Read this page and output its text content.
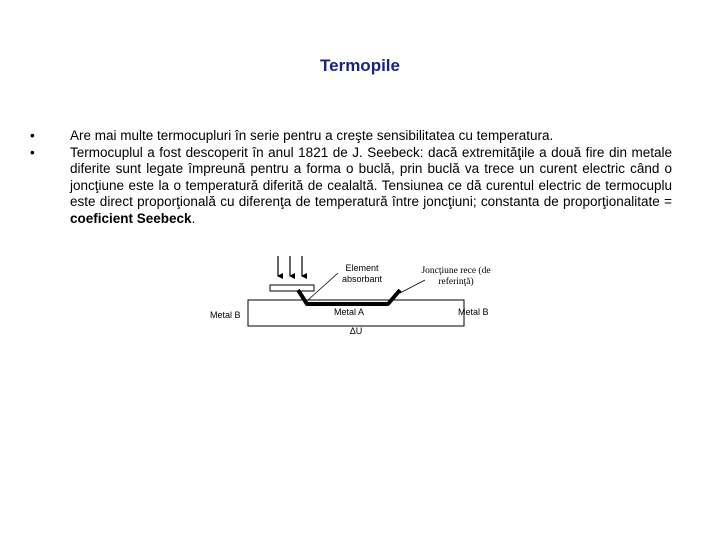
Termopile
•	Are mai multe termocupluri în serie pentru a creşte sensibilitatea cu temperatura.
•	Termocuplul a fost descoperit în anul 1821 de J. Seebeck: dacă extremităţile a două fire din metale diferite sunt legate împreună pentru a forma o buclă, prin buclă va trece un curent electric când o joncţiune este la o temperatură diferită de cealaltă. Tensiunea ce dă curentul electric de termocuplu este direct proporţională cu diferenţa de temperatură între joncţiuni; constanta de proporţionalitate = coeficient Seebeck.
Element
absorbant
Joncţiune rece (de
referinţă)
Metal B	Metal A	Metal B
ΔU
